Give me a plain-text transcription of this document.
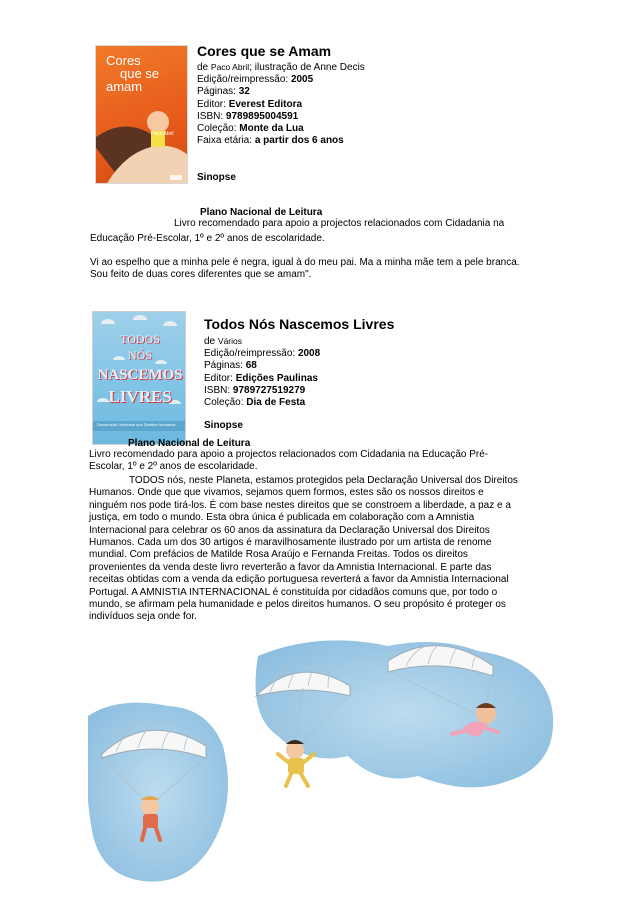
Cores
que se
amam
Paco Abril
Cores que se Amam
de Paco Abril; ilustração de Anne Decis
Edição/reimpressão: 2005
Páginas: 32
Editor: Everest Editora
ISBN: 9789895004591
Coleção: Monte da Lua
Faixa etária: a partir dos 6 anos
Sinopse
Plano Nacional de Leitura
Livro recomendado para apoio a projectos relacionados com Cidadania na
Educação Pré-Escolar, 1º e 2º anos de escolaridade.
Vi ao espelho que a minha pele é negra, igual à do meu pai. Ma a minha mãe tem a pele branca.
Sou feito de duas cores diferentes que se amam".
TODOS
NÓS
NASCEMOS
LIVRES
Declaração Universal dos Direitos Humanos
Todos Nós Nascemos Livres
de Vários
Edição/reimpressão: 2008
Páginas: 68
Editor: Edições Paulinas
ISBN: 9789727519279
Coleção: Dia de Festa
Sinopse
Plano Nacional de Leitura
Livro recomendado para apoio a projectos relacionados com Cidadania na Educação Pré-
Escolar, 1º e 2º anos de escolaridade.
TODOS nós, neste Planeta, estamos protegidos pela Declaração Universal dos Direitos
Humanos. Onde que que vivamos, sejamos quem formos, estes são os nossos direitos e
ninguém nos pode tirá-los. É com base nestes direitos que se constroem a liberdade, a paz e a
justiça, em todo o mundo. Esta obra única é publicada em colaboração com a Amnistia
Internacional para celebrar os 60 anos da assinatura da Declaração Universal dos Direitos
Humanos. Cada um dos 30 artigos é maravilhosamente ilustrado por um artista de renome
mundial. Com prefácios de Matilde Rosa Araújo e Fernanda Freitas. Todos os direitos
provenientes da venda deste livro reverterão a favor da Amnistia Internacional. E parte das
receitas obtidas com a venda da edição portuguesa reverterá a favor da Amnistia Internacional
Portugal. A AMNISTIA INTERNACIONAL é constituída por cidadãos comuns que, por todo o
mundo, se afirmam pela humanidade e pelos direitos humanos. O seu propósito é proteger os
indivíduos seja onde for.
